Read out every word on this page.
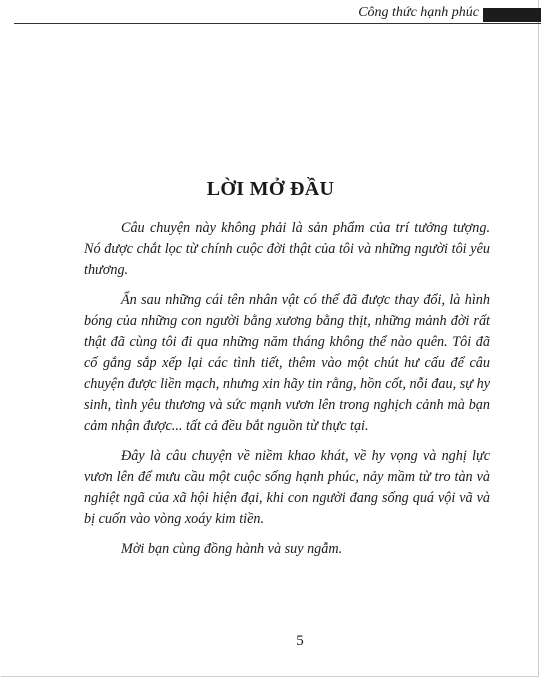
Công thức hạnh phúc
LỜI MỞ ĐẦU

Câu chuyện này không phải là sản phẩm của trí tưởng tượng. Nó được chắt lọc từ chính cuộc đời thật của tôi và những người tôi yêu thương.

Ẩn sau những cái tên nhân vật có thể đã được thay đổi, là hình bóng của những con người bằng xương bằng thịt, những mảnh đời rất thật đã cùng tôi đi qua những năm tháng không thể nào quên. Tôi đã cố gắng sắp xếp lại các tình tiết, thêm vào một chút hư cấu để câu chuyện được liền mạch, nhưng xin hãy tin rằng, hồn cốt, nỗi đau, sự hy sinh, tình yêu thương và sức mạnh vươn lên trong nghịch cảnh mà bạn cảm nhận được... tất cả đều bắt nguồn từ thực tại.

Đây là câu chuyện về niềm khao khát, về hy vọng và nghị lực vươn lên để mưu cầu một cuộc sống hạnh phúc, nảy mầm từ tro tàn và nghiệt ngã của xã hội hiện đại, khi con người đang sống quá vội vã và bị cuốn vào vòng xoáy kim tiền.

Mời bạn cùng đồng hành và suy ngẫm.

5
